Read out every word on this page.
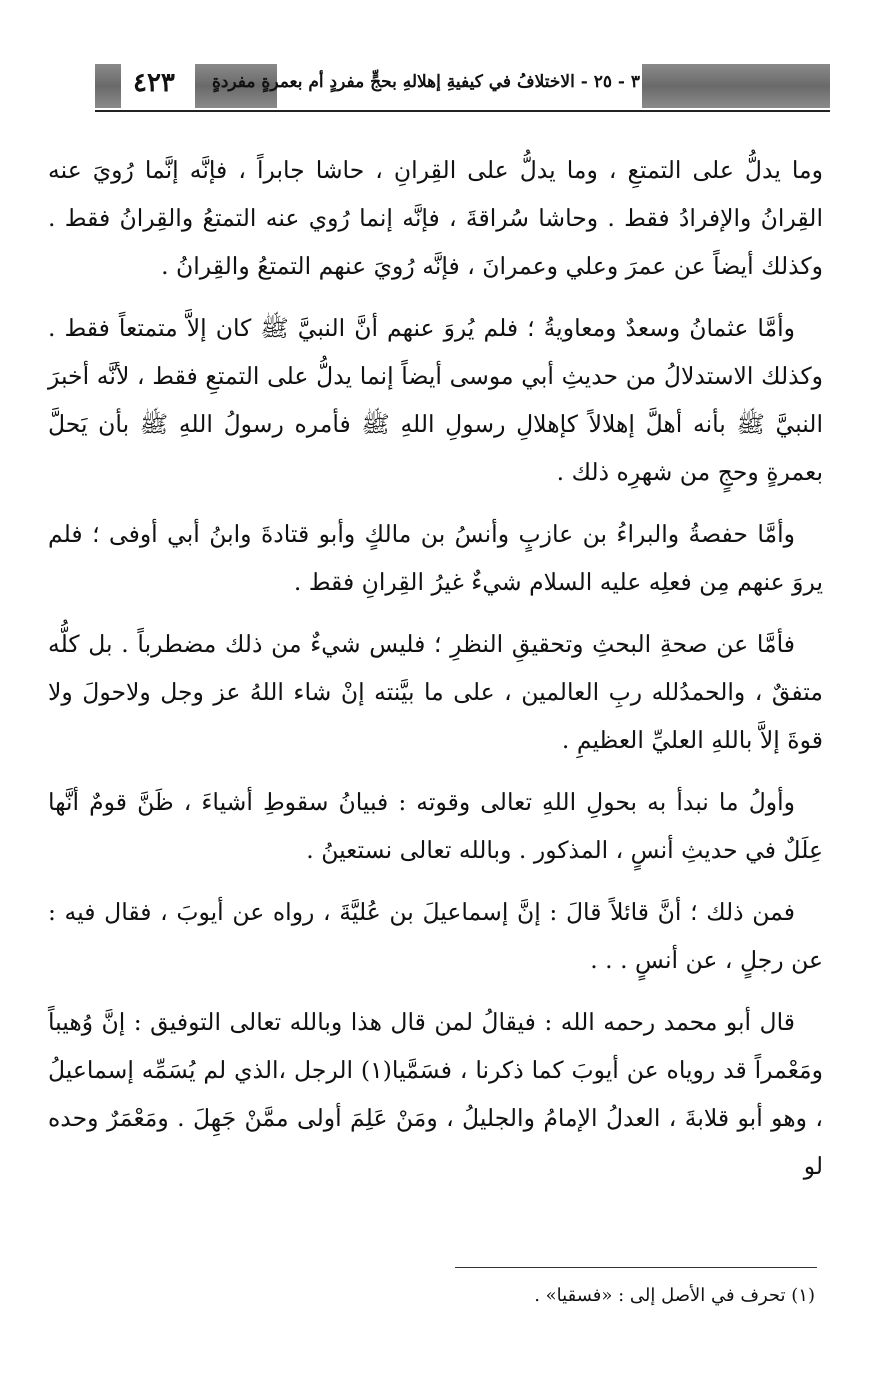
٤٢٣ ٣ - ٢٥ - الاختلافُ في كيفيةِ إهلالهِ بحجٍّ مفردٍ أم بعمرةٍ مفردةٍ

وما يدلُّ على التمتعِ ، وما يدلُّ على القِرانِ ، حاشا جابراً ، فإنَّه إنَّما رُويَ عنه القِرانُ والإفرادُ فقط . وحاشا سُراقةَ ، فإنَّه إنما رُوي عنه التمتعُ والقِرانُ فقط . وكذلك أيضاً عن عمرَ وعلي وعمرانَ ، فإنَّه رُويَ عنهم التمتعُ والقِرانُ .

وأمَّا عثمانُ وسعدٌ ومعاويةُ ؛ فلم يُروَ عنهم أنَّ النبيَّ ﷺ كان إلاَّ متمتعاً فقط . وكذلك الاستدلالُ من حديثِ أبي موسى أيضاً إنما يدلُّ على التمتعِ فقط ، لأنَّه أخبرَ النبيَّ ﷺ بأنه أهلَّ إهلالاً كإهلالِ رسولِ اللهِ ﷺ فأمره رسولُ اللهِ ﷺ بأن يَحلَّ بعمرةٍ وحجٍ من شهرِه ذلك .

وأمَّا حفصةُ والبراءُ بن عازبٍ وأنسُ بن مالكٍ وأبو قتادةَ وابنُ أبي أوفى ؛ فلم يروَ عنهم مِن فعلِه عليه السلام شيءٌ غيرُ القِرانِ فقط .

فأمَّا عن صحةِ البحثِ وتحقيقِ النظرِ ؛ فليس شيءٌ من ذلك مضطرباً . بل كلُّه متفقٌ ، والحمدُلله ربِ العالمين ، على ما بيَّنته إنْ شاء اللهُ عز وجل ولاحولَ ولا قوةَ إلاَّ باللهِ العليِّ العظيمِ .

وأولُ ما نبدأ به بحولِ اللهِ تعالى وقوته : فبيانُ سقوطِ أشياءَ ، ظَنَّ قومٌ أنَّها عِلَلٌ في حديثِ أنسٍ ، المذكور . وبالله تعالى نستعينُ .

فمن ذلك ؛ أنَّ قائلاً قالَ : إنَّ إسماعيلَ بن عُليَّةَ ، رواه عن أيوبَ ، فقال فيه : عن رجلٍ ، عن أنسٍ . . .

قال أبو محمد رحمه الله : فيقالُ لمن قال هذا وبالله تعالى التوفيق : إنَّ وُهيباً ومَعْمراً قد روياه عن أيوبَ كما ذكرنا ، فسَمَّيا(١) الرجل ،الذي لم يُسَمِّه إسماعيلُ ، وهو أبو قلابةَ ، العدلُ الإمامُ والجليلُ ، ومَنْ عَلِمَ أولى ممَّنْ جَهِلَ . ومَعْمَرٌ وحده لو

(١) تحرف في الأصل إلى : «فسقيا» .
